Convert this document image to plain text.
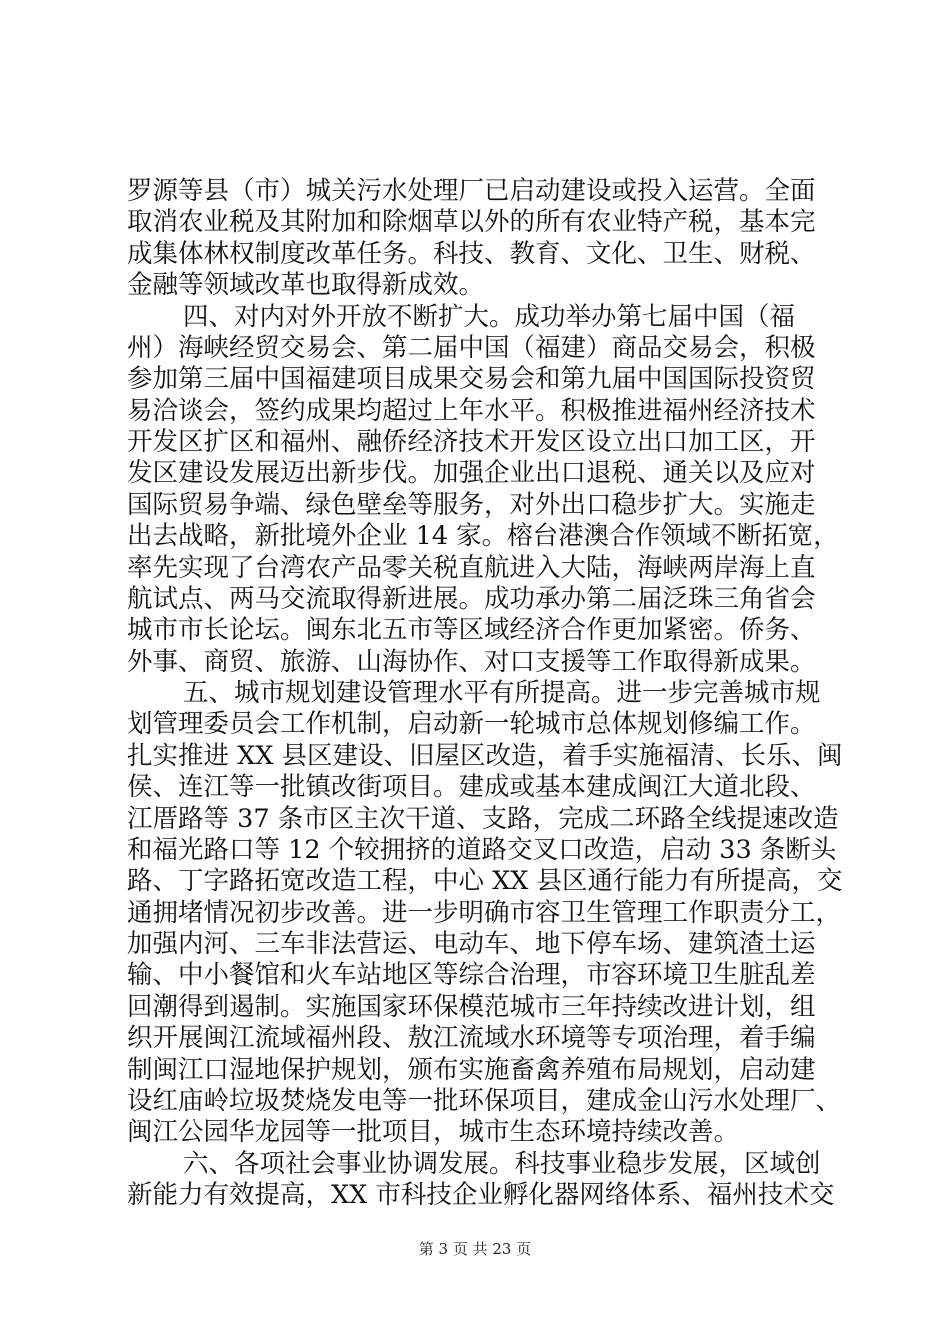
罗源等县（市）城关污水处理厂已启动建设或投入运营。全面
取消农业税及其附加和除烟草以外的所有农业特产税，基本完
成集体林权制度改革任务。科技、教育、文化、卫生、财税、
金融等领域改革也取得新成效。
四、对内对外开放不断扩大。成功举办第七届中国（福
州）海峡经贸交易会、第二届中国（福建）商品交易会，积极
参加第三届中国福建项目成果交易会和第九届中国国际投资贸
易洽谈会，签约成果均超过上年水平。积极推进福州经济技术
开发区扩区和福州、融侨经济技术开发区设立出口加工区，开
发区建设发展迈出新步伐。加强企业出口退税、通关以及应对
国际贸易争端、绿色壁垒等服务，对外出口稳步扩大。实施走
出去战略，新批境外企业 14 家。榕台港澳合作领域不断拓宽，
率先实现了台湾农产品零关税直航进入大陆，海峡两岸海上直
航试点、两马交流取得新进展。成功承办第二届泛珠三角省会
城市市长论坛。闽东北五市等区域经济合作更加紧密。侨务、
外事、商贸、旅游、山海协作、对口支援等工作取得新成果。
五、城市规划建设管理水平有所提高。进一步完善城市规
划管理委员会工作机制，启动新一轮城市总体规划修编工作。
扎实推进 XX 县区建设、旧屋区改造，着手实施福清、长乐、闽
侯、连江等一批镇改街项目。建成或基本建成闽江大道北段、
江厝路等 37 条市区主次干道、支路，完成二环路全线提速改造
和福光路口等 12 个较拥挤的道路交叉口改造，启动 33 条断头
路、丁字路拓宽改造工程，中心 XX 县区通行能力有所提高，交
通拥堵情况初步改善。进一步明确市容卫生管理工作职责分工，
加强内河、三车非法营运、电动车、地下停车场、建筑渣土运
输、中小餐馆和火车站地区等综合治理，市容环境卫生脏乱差
回潮得到遏制。实施国家环保模范城市三年持续改进计划，组
织开展闽江流域福州段、敖江流域水环境等专项治理，着手编
制闽江口湿地保护规划，颁布实施畜禽养殖布局规划，启动建
设红庙岭垃圾焚烧发电等一批环保项目，建成金山污水处理厂、
闽江公园华龙园等一批项目，城市生态环境持续改善。
六、各项社会事业协调发展。科技事业稳步发展，区域创
新能力有效提高，XX 市科技企业孵化器网络体系、福州技术交
第 3 页 共 23 页
